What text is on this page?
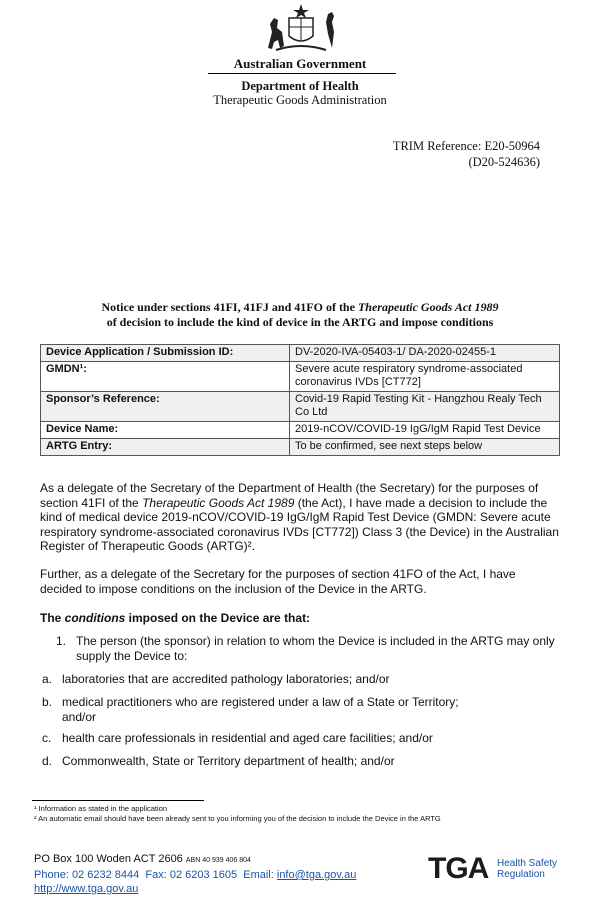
Australian Government
Department of Health
Therapeutic Goods Administration
TRIM Reference: E20-50964
(D20-524636)
Notice under sections 41FI, 41FJ and 41FO of the Therapeutic Goods Act 1989
of decision to include the kind of device in the ARTG and impose conditions
Device Application / Submission ID:	DV-2020-IVA-05403-1/ DA-2020-02455-1
GMDN¹:	Severe acute respiratory syndrome-associated coronavirus IVDs [CT772]
Sponsor’s Reference:	Covid-19 Rapid Testing Kit - Hangzhou Realy Tech Co Ltd
Device Name:	2019-nCOV/COVID-19 IgG/IgM Rapid Test Device
ARTG Entry:	To be confirmed, see next steps below
As a delegate of the Secretary of the Department of Health (the Secretary) for the purposes of section 41FI of the Therapeutic Goods Act 1989 (the Act), I have made a decision to include the kind of medical device 2019-nCOV/COVID-19 IgG/IgM Rapid Test Device (GMDN: Severe acute respiratory syndrome-associated coronavirus IVDs [CT772]) Class 3 (the Device) in the Australian Register of Therapeutic Goods (ARTG)².
Further, as a delegate of the Secretary for the purposes of section 41FO of the Act, I have decided to impose conditions on the inclusion of the Device in the ARTG.
The conditions imposed on the Device are that:
1. The person (the sponsor) in relation to whom the Device is included in the ARTG may only supply the Device to:
a. laboratories that are accredited pathology laboratories; and/or
b. medical practitioners who are registered under a law of a State or Territory; and/or
c. health care professionals in residential and aged care facilities; and/or
d. Commonwealth, State or Territory department of health; and/or
¹ Information as stated in the application
² An automatic email should have been already sent to you informing you of the decision to include the Device in the ARTG
PO Box 100 Woden ACT 2606 ABN 40 939 406 804
Phone: 02 6232 8444 Fax: 02 6203 1605 Email: info@tga.gov.au
http://www.tga.gov.au
TGA Health Safety
Regulation
